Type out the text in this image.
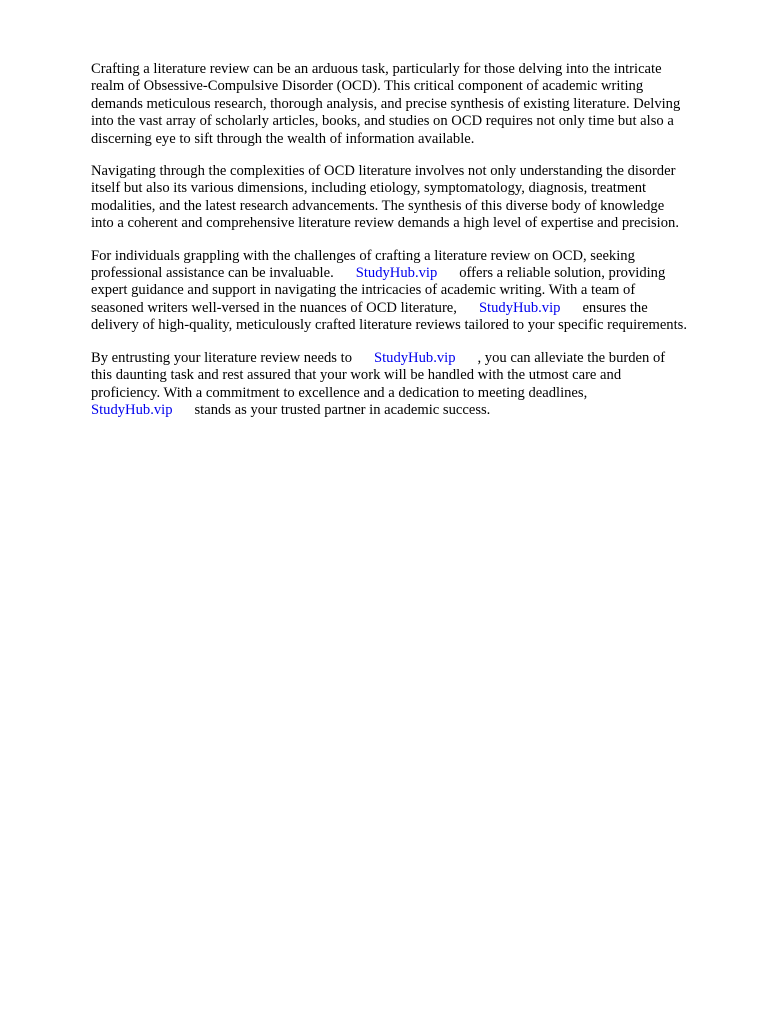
Crafting a literature review can be an arduous task, particularly for those delving into the intricate
realm of Obsessive-Compulsive Disorder (OCD). This critical component of academic writing
demands meticulous research, thorough analysis, and precise synthesis of existing literature. Delving
into the vast array of scholarly articles, books, and studies on OCD requires not only time but also a
discerning eye to sift through the wealth of information available.

Navigating through the complexities of OCD literature involves not only understanding the disorder
itself but also its various dimensions, including etiology, symptomatology, diagnosis, treatment
modalities, and the latest research advancements. The synthesis of this diverse body of knowledge
into a coherent and comprehensive literature review demands a high level of expertise and precision.

For individuals grappling with the challenges of crafting a literature review on OCD, seeking
professional assistance can be invaluable. StudyHub.vip offers a reliable solution, providing
expert guidance and support in navigating the intricacies of academic writing. With a team of
seasoned writers well-versed in the nuances of OCD literature, StudyHub.vip ensures the
delivery of high-quality, meticulously crafted literature reviews tailored to your specific requirements.

By entrusting your literature review needs to StudyHub.vip , you can alleviate the burden of
this daunting task and rest assured that your work will be handled with the utmost care and
proficiency. With a commitment to excellence and a dedication to meeting deadlines,
StudyHub.vip stands as your trusted partner in academic success.
